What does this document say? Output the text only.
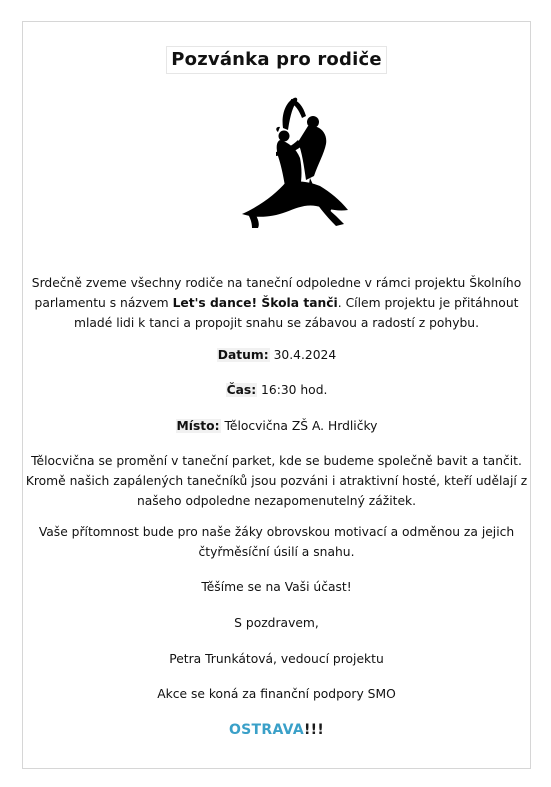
Pozvánka pro rodiče
Srdečně zveme všechny rodiče na taneční odpoledne v rámci projektu Školního
parlamentu s názvem Let's dance! Škola tanči. Cílem projektu je přitáhnout
mladé lidi k tanci a propojit snahu se zábavou a radostí z pohybu.
Datum: 30.4.2024
Čas: 16:30 hod.
Místo: Tělocvična ZŠ A. Hrdličky
Tělocvična se promění v taneční parket, kde se budeme společně bavit a tančit.
Kromě našich zapálených tanečníků jsou pozváni i atraktivní hosté, kteří udělají z
našeho odpoledne nezapomenutelný zážitek.
Vaše přítomnost bude pro naše žáky obrovskou motivací a odměnou za jejich
čtyřměsíční úsilí a snahu.
Těšíme se na Vaši účast!
S pozdravem,
Petra Trunkátová, vedoucí projektu
Akce se koná za finanční podpory SMO
OSTRAVA!!!
